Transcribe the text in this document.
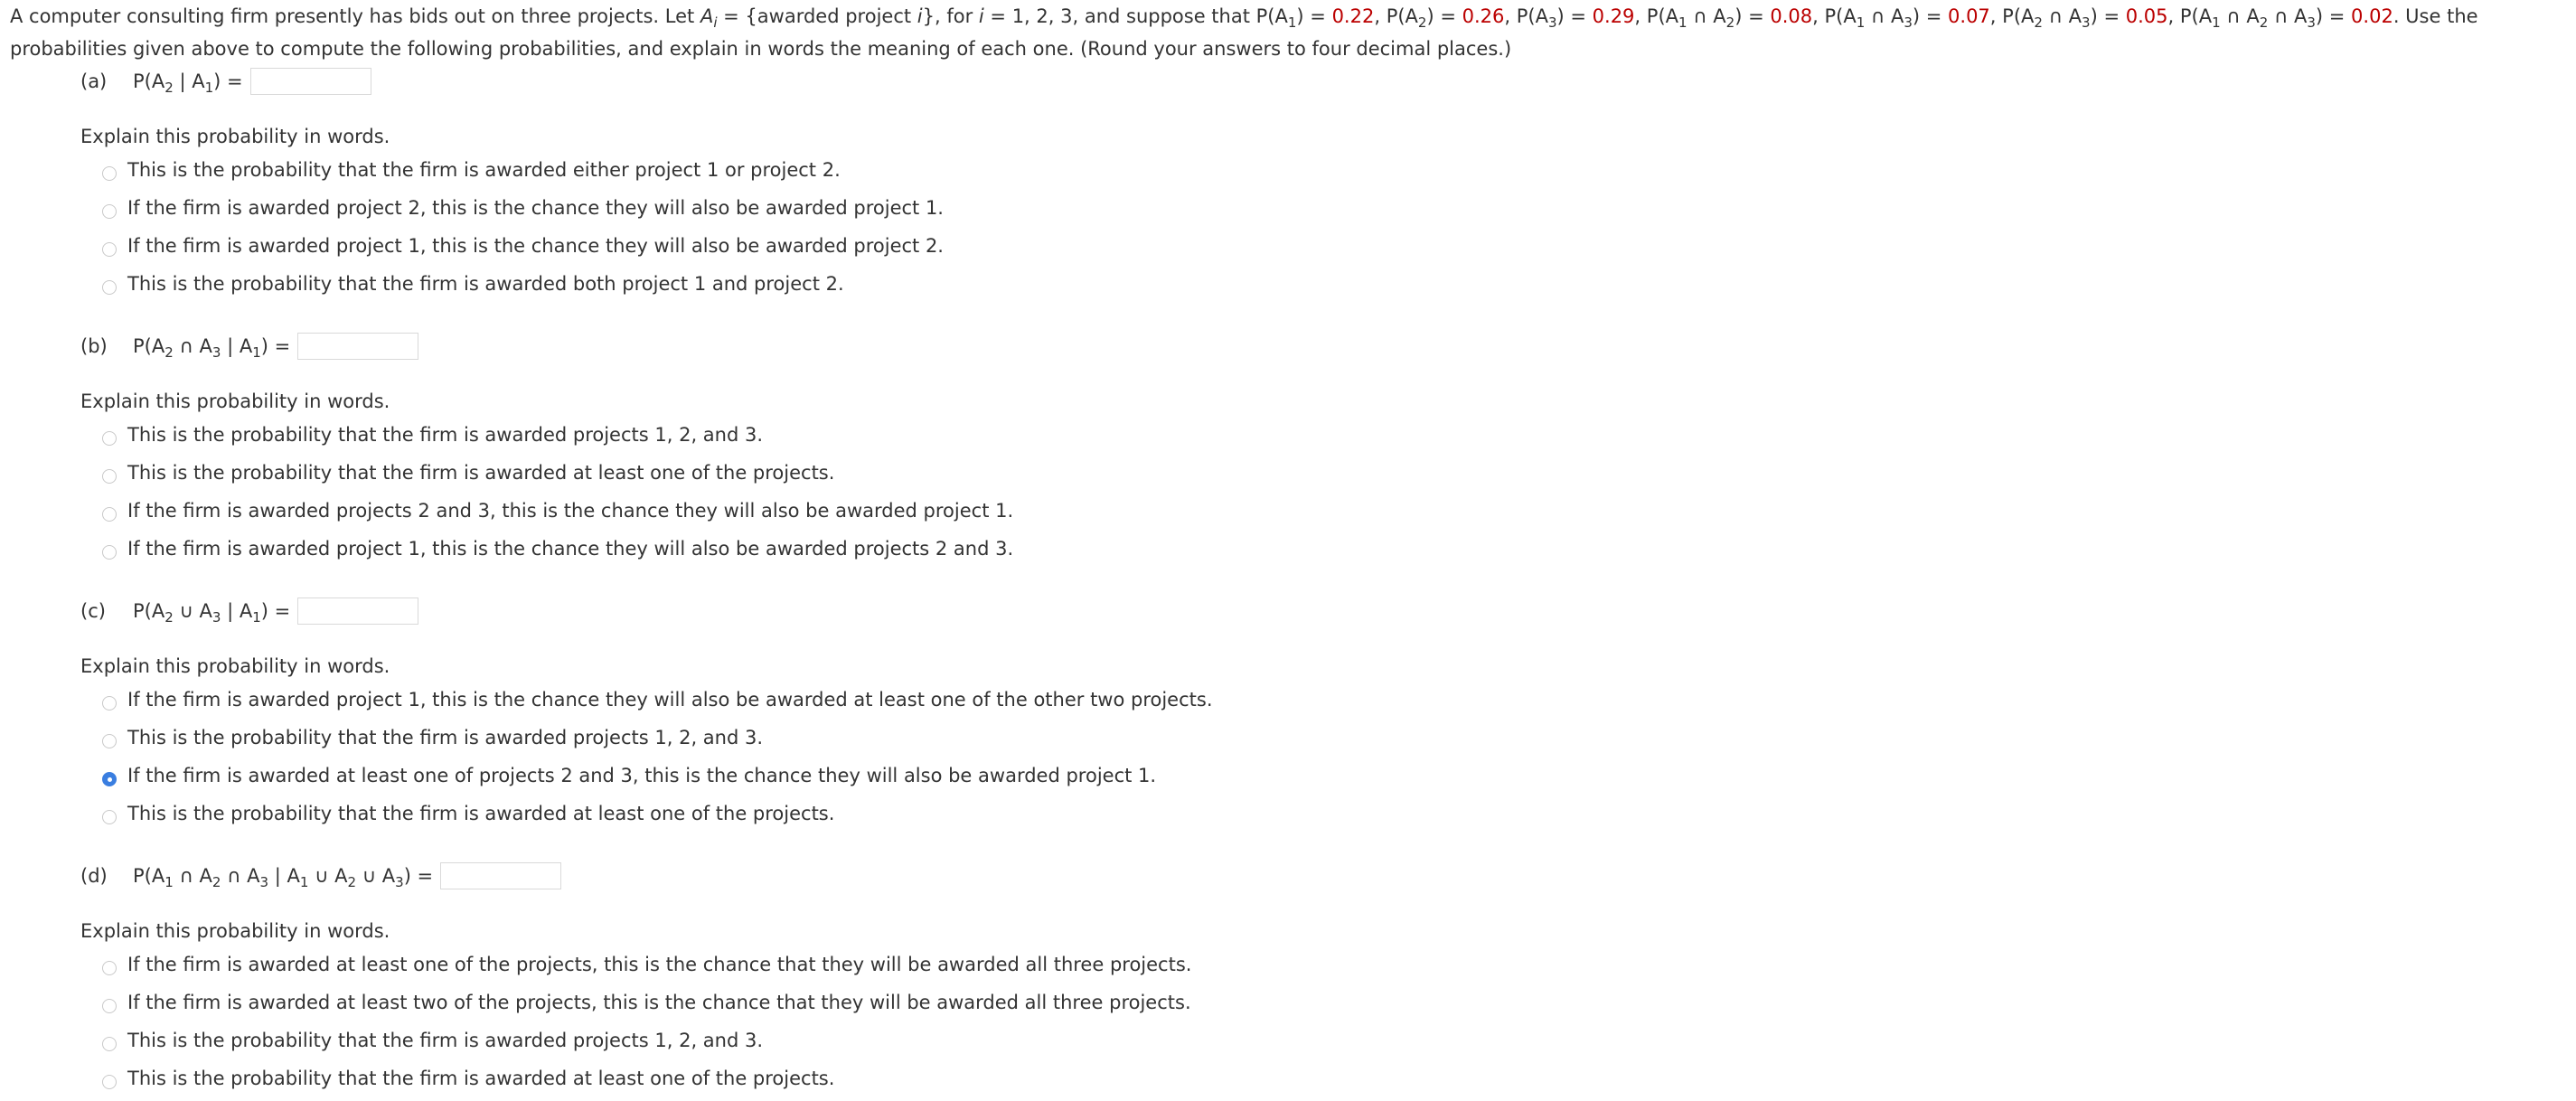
A computer consulting firm presently has bids out on three projects. Let $A_i$ = {awarded project i}, for i = 1, 2, 3, and suppose that $P(A_1) = 0.22$, $P(A_2) = 0.26$, $P(A_3) = 0.29$, $P(A_1$ ∩ $A_2) = 0.08$, $P(A_1$ ∩ $A_3) = 0.07$, $P(A_2$ ∩ $A_3) = 0.05$, $P(A_1$ ∩ $A_2$ ∩ $A_3) = 0.02$. Use the probabilities given above to compute the following probabilities, and explain in words the meaning of each one. (Round your answers to four decimal places.)
(a)	$P(A_2$ | $A_1$) =
Explain this probability in words.
This is the probability that the firm is awarded either project 1 or project 2.
If the firm is awarded project 2, this is the chance they will also be awarded project 1.
If the firm is awarded project 1, this is the chance they will also be awarded project 2.
This is the probability that the firm is awarded both project 1 and project 2.
(b)	$P(A_2$ ∩ $A_3$ | $A_1$) =
Explain this probability in words.
This is the probability that the firm is awarded projects 1, 2, and 3.
This is the probability that the firm is awarded at least one of the projects.
If the firm is awarded projects 2 and 3, this is the chance they will also be awarded project 1.
If the firm is awarded project 1, this is the chance they will also be awarded projects 2 and 3.
(c)	$P(A_2$ ∪ $A_3$ | $A_1$) =
Explain this probability in words.
If the firm is awarded project 1, this is the chance they will also be awarded at least one of the other two projects.
This is the probability that the firm is awarded projects 1, 2, and 3.
If the firm is awarded at least one of projects 2 and 3, this is the chance they will also be awarded project 1.
This is the probability that the firm is awarded at least one of the projects.
(d)	$P(A_1$ ∩ $A_2$ ∩ $A_3$ | $A_1$ ∪ $A_2$ ∪ $A_3$) =
Explain this probability in words.
If the firm is awarded at least one of the projects, this is the chance that they will be awarded all three projects.
If the firm is awarded at least two of the projects, this is the chance that they will be awarded all three projects.
This is the probability that the firm is awarded projects 1, 2, and 3.
This is the probability that the firm is awarded at least one of the projects.
